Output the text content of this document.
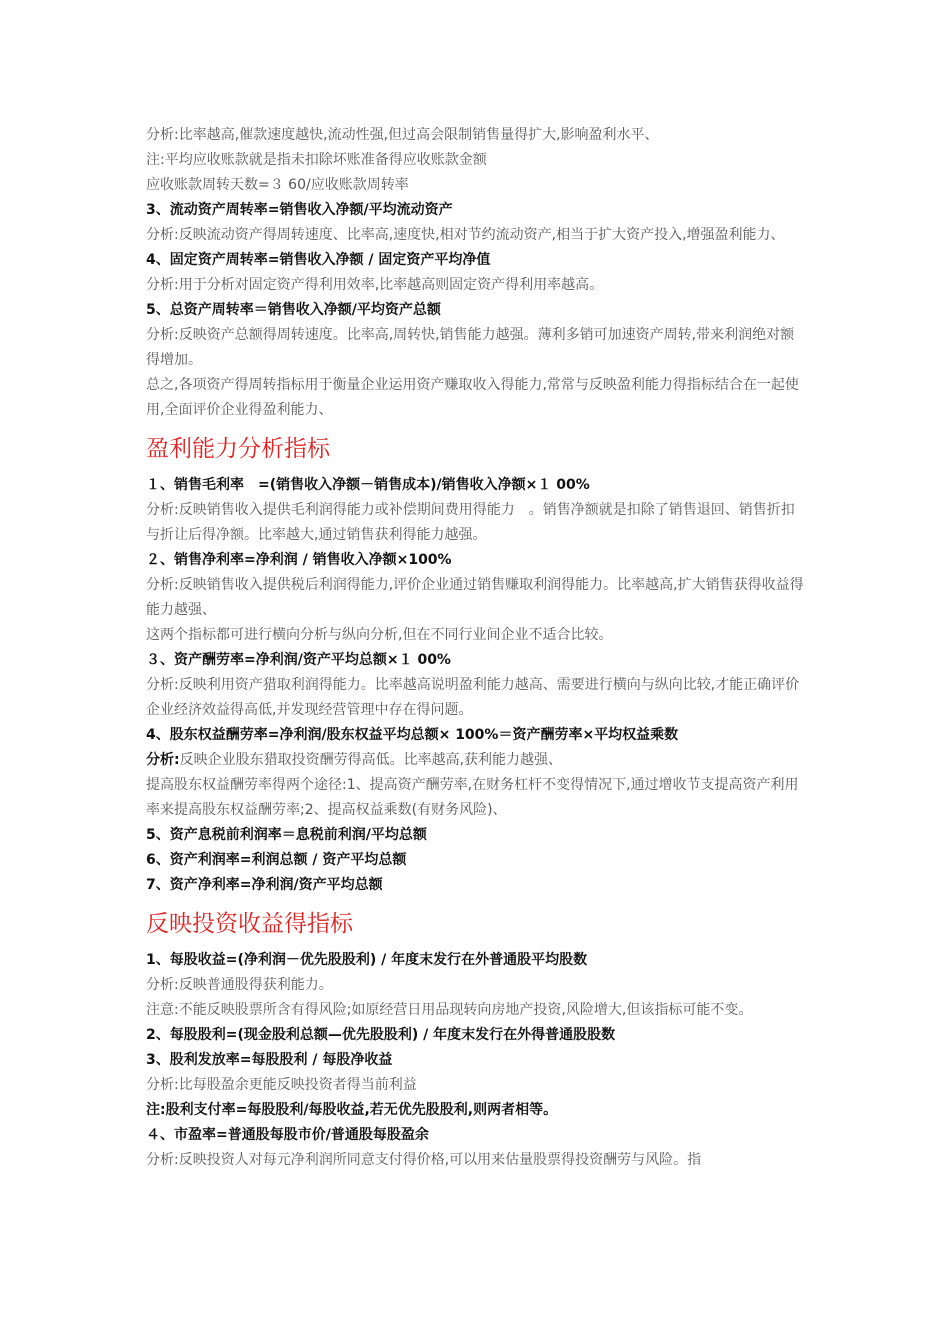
分析:比率越高,催款速度越快,流动性强,但过高会限制销售量得扩大,影响盈利水平、

注:平均应收账款就是指未扣除坏账准备得应收账款金额

应收账款周转天数=３ 60/应收账款周转率

3、流动资产周转率=销售收入净额/平均流动资产

分析:反映流动资产得周转速度、比率高,速度快,相对节约流动资产,相当于扩大资产投入,增强盈利能力、

4、固定资产周转率=销售收入净额 / 固定资产平均净值

分析:用于分析对固定资产得利用效率,比率越高则固定资产得利用率越高。

5、总资产周转率＝销售收入净额/平均资产总额

分析:反映资产总额得周转速度。比率高,周转快,销售能力越强。薄利多销可加速资产周转,带来利润绝对额得增加。

总之,各项资产得周转指标用于衡量企业运用资产赚取收入得能力,常常与反映盈利能力得指标结合在一起使用,全面评价企业得盈利能力、

盈利能力分析指标

１、销售毛利率　=(销售收入净额－销售成本)/销售收入净额×１ 00%

分析:反映销售收入提供毛利润得能力或补偿期间费用得能力　。销售净额就是扣除了销售退回、销售折扣与折让后得净额。比率越大,通过销售获利得能力越强。

２、销售净利率=净利润 / 销售收入净额×100%

分析:反映销售收入提供税后利润得能力,评价企业通过销售赚取利润得能力。比率越高,扩大销售获得收益得能力越强、

这两个指标都可进行横向分析与纵向分析,但在不同行业间企业不适合比较。

３、资产酬劳率=净利润/资产平均总额×１ 00%

分析:反映利用资产猎取利润得能力。比率越高说明盈利能力越高、需要进行横向与纵向比较,才能正确评价企业经济效益得高低,并发现经营管理中存在得问题。

4、股东权益酬劳率=净利润/股东权益平均总额× 100%＝资产酬劳率×平均权益乘数

分析:反映企业股东猎取投资酬劳得高低。比率越高,获利能力越强、

提高股东权益酬劳率得两个途径:1、提高资产酬劳率,在财务杠杆不变得情况下,通过增收节支提高资产利用率来提高股东权益酬劳率;2、提高权益乘数(有财务风险)、

5、资产息税前利润率＝息税前利润/平均总额

6、资产利润率=利润总额 / 资产平均总额

7、资产净利率=净利润/资产平均总额

反映投资收益得指标

1、每股收益=(净利润－优先股股利) / 年度末发行在外普通股平均股数

分析:反映普通股得获利能力。

注意:不能反映股票所含有得风险;如原经营日用品现转向房地产投资,风险增大,但该指标可能不变。

2、每股股利=(现金股利总额—优先股股利) / 年度末发行在外得普通股股数

3、股利发放率=每股股利 / 每股净收益

分析:比每股盈余更能反映投资者得当前利益

注:股利支付率=每股股利/每股收益,若无优先股股利,则两者相等。

４、市盈率=普通股每股市价/普通股每股盈余

分析:反映投资人对每元净利润所同意支付得价格,可以用来估量股票得投资酬劳与风险。指
